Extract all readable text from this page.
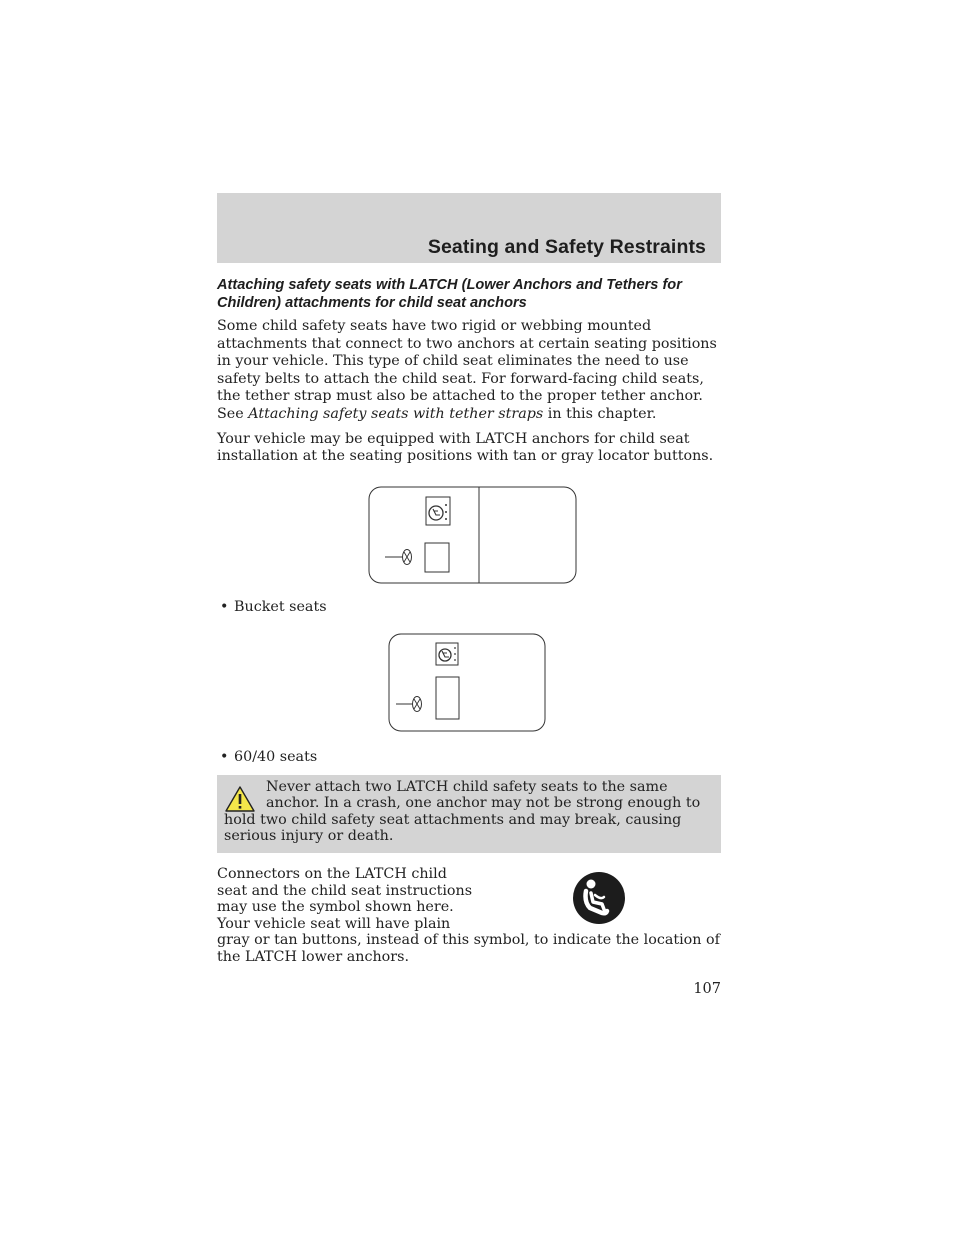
Seating and Safety Restraints
Attaching safety seats with LATCH (Lower Anchors and Tethers for Children) attachments for child seat anchors

Some child safety seats have two rigid or webbing mounted attachments that connect to two anchors at certain seating positions in your vehicle. This type of child seat eliminates the need to use safety belts to attach the child seat. For forward-facing child seats, the tether strap must also be attached to the proper tether anchor. See Attaching safety seats with tether straps in this chapter.

Your vehicle may be equipped with LATCH anchors for child seat installation at the seating positions with tan or gray locator buttons.

• Bucket seats
• 60/40 seats
Never attach two LATCH child safety seats to the same anchor. In a crash, one anchor may not be strong enough to hold two child safety seat attachments and may break, causing serious injury or death.
Connectors on the LATCH child seat and the child seat instructions may use the symbol shown here. Your vehicle seat will have plain gray or tan buttons, instead of this symbol, to indicate the location of the LATCH lower anchors.
107
